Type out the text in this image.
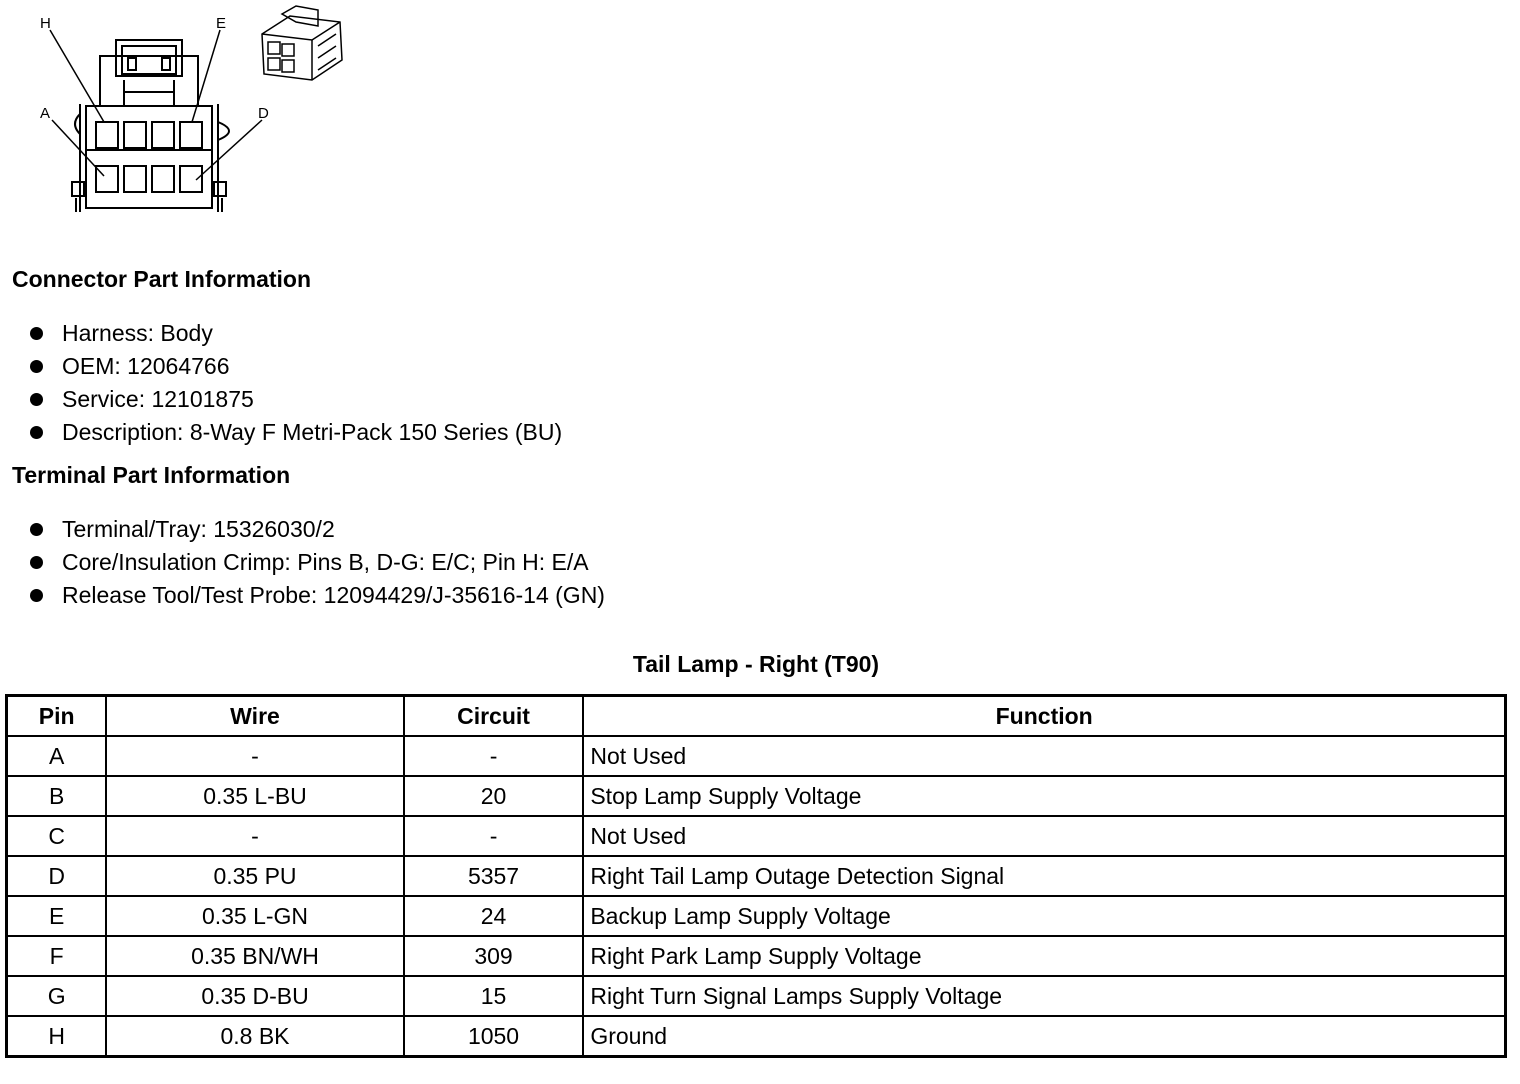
H	E
A	D
Connector Part Information
Harness: Body
OEM: 12064766
Service: 12101875
Description: 8-Way F Metri-Pack 150 Series (BU)
Terminal Part Information
Terminal/Tray: 15326030/2
Core/Insulation Crimp: Pins B, D-G: E/C; Pin H: E/A
Release Tool/Test Probe: 12094429/J-35616-14 (GN)
Tail Lamp - Right (T90)
Pin	Wire	Circuit	Function
A	-	-	Not Used
B	0.35 L-BU	20	Stop Lamp Supply Voltage
C	-	-	Not Used
D	0.35 PU	5357	Right Tail Lamp Outage Detection Signal
E	0.35 L-GN	24	Backup Lamp Supply Voltage
F	0.35 BN/WH	309	Right Park Lamp Supply Voltage
G	0.35 D-BU	15	Right Turn Signal Lamps Supply Voltage
H	0.8 BK	1050	Ground
